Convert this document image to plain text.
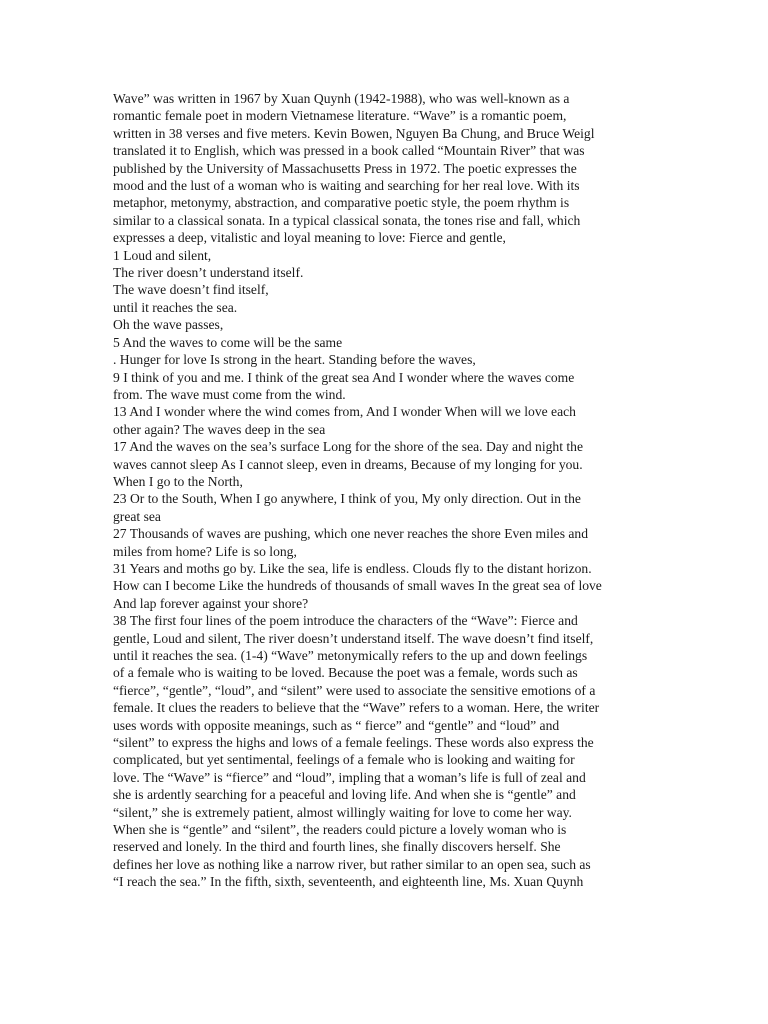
Wave” was written in 1967 by Xuan Quynh (1942-1988), who was well-known as a
romantic female poet in modern Vietnamese literature. “Wave” is a romantic poem,
written in 38 verses and five meters. Kevin Bowen, Nguyen Ba Chung, and Bruce Weigl
translated it to English, which was pressed in a book called “Mountain River” that was
published by the University of Massachusetts Press in 1972. The poetic expresses the
mood and the lust of a woman who is waiting and searching for her real love. With its
metaphor, metonymy, abstraction, and comparative poetic style, the poem rhythm is
similar to a classical sonata. In a typical classical sonata, the tones rise and fall, which
expresses a deep, vitalistic and loyal meaning to love: Fierce and gentle,
1 Loud and silent,
The river doesn’t understand itself.
The wave doesn’t find itself,
until it reaches the sea.
Oh the wave passes,
5 And the waves to come will be the same
. Hunger for love Is strong in the heart. Standing before the waves,
9 I think of you and me. I think of the great sea And I wonder where the waves come
from. The wave must come from the wind.
13 And I wonder where the wind comes from, And I wonder When will we love each
other again? The waves deep in the sea
17 And the waves on the sea’s surface Long for the shore of the sea. Day and night the
waves cannot sleep As I cannot sleep, even in dreams, Because of my longing for you.
When I go to the North,
23 Or to the South, When I go anywhere, I think of you, My only direction. Out in the
great sea
27 Thousands of waves are pushing, which one never reaches the shore Even miles and
miles from home? Life is so long,
31 Years and moths go by. Like the sea, life is endless. Clouds fly to the distant horizon.
How can I become Like the hundreds of thousands of small waves In the great sea of love
And lap forever against your shore?
38 The first four lines of the poem introduce the characters of the “Wave”: Fierce and
gentle, Loud and silent, The river doesn’t understand itself. The wave doesn’t find itself,
until it reaches the sea. (1-4) “Wave” metonymically refers to the up and down feelings
of a female who is waiting to be loved. Because the poet was a female, words such as
“fierce”, “gentle”, “loud”, and “silent” were used to associate the sensitive emotions of a
female. It clues the readers to believe that the “Wave” refers to a woman. Here, the writer
uses words with opposite meanings, such as “ fierce” and “gentle” and “loud” and
“silent” to express the highs and lows of a female feelings. These words also express the
complicated, but yet sentimental, feelings of a female who is looking and waiting for
love. The “Wave” is “fierce” and “loud”, impling that a woman’s life is full of zeal and
she is ardently searching for a peaceful and loving life. And when she is “gentle” and
“silent,” she is extremely patient, almost willingly waiting for love to come her way.
When she is “gentle” and “silent”, the readers could picture a lovely woman who is
reserved and lonely. In the third and fourth lines, she finally discovers herself. She
defines her love as nothing like a narrow river, but rather similar to an open sea, such as
“I reach the sea.” In the fifth, sixth, seventeenth, and eighteenth line, Ms. Xuan Quynh
